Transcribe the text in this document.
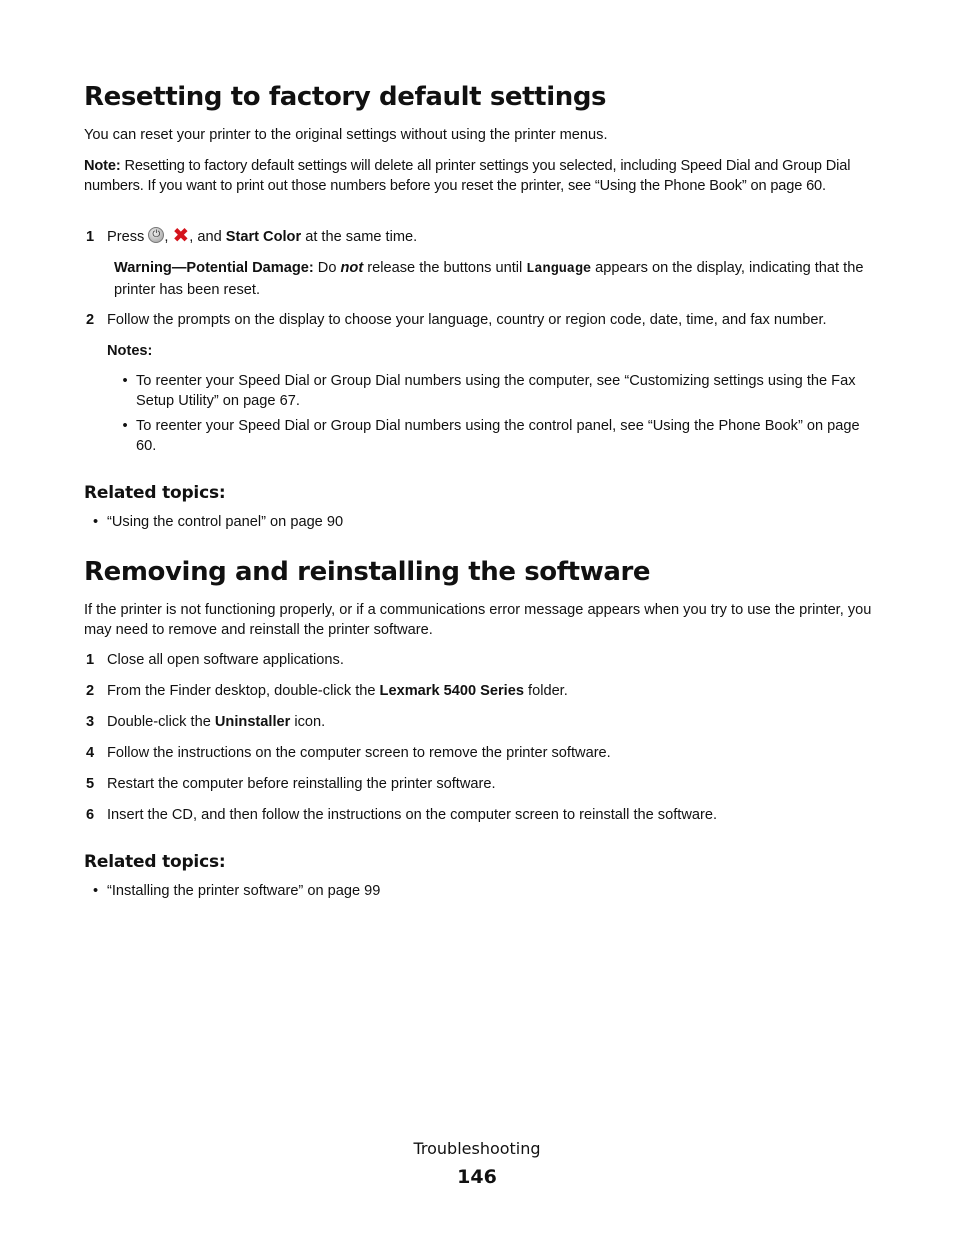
Resetting to factory default settings

You can reset your printer to the original settings without using the printer menus.

Note: Resetting to factory default settings will delete all printer settings you selected, including Speed Dial and Group Dial numbers. If you want to print out those numbers before you reset the printer, see “Using the Phone Book” on page 60.

1 Press ⏻, ✖, and Start Color at the same time.

Warning—Potential Damage: Do not release the buttons until Language appears on the display, indicating that the printer has been reset.

2 Follow the prompts on the display to choose your language, country or region code, date, time, and fax number.

Notes:

• To reenter your Speed Dial or Group Dial numbers using the computer, see “Customizing settings using the Fax Setup Utility” on page 67.
• To reenter your Speed Dial or Group Dial numbers using the control panel, see “Using the Phone Book” on page 60.
Related topics:
• “Using the control panel” on page 90
Removing and reinstalling the software

If the printer is not functioning properly, or if a communications error message appears when you try to use the printer, you may need to remove and reinstall the printer software.

1 Close all open software applications.
2 From the Finder desktop, double-click the Lexmark 5400 Series folder.
3 Double-click the Uninstaller icon.
4 Follow the instructions on the computer screen to remove the printer software.
5 Restart the computer before reinstalling the printer software.
6 Insert the CD, and then follow the instructions on the computer screen to reinstall the software.
Related topics:
• “Installing the printer software” on page 99
Troubleshooting
146
